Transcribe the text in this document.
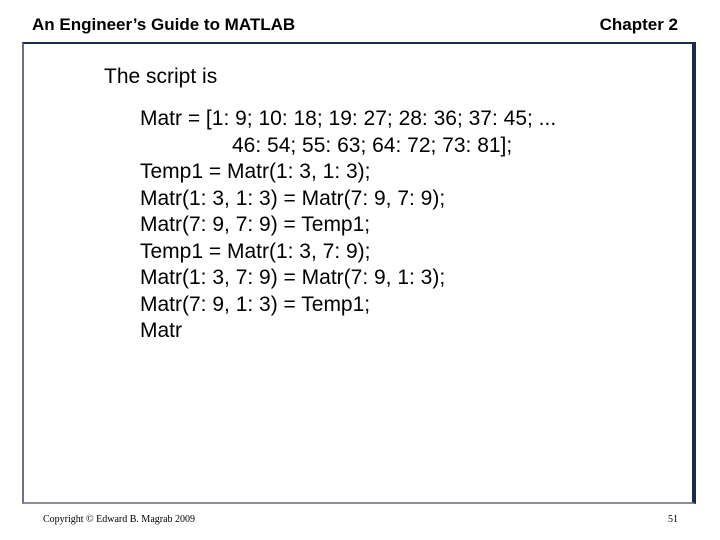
An Engineer’s Guide to MATLAB	Chapter 2
The script is
Matr = [1: 9; 10: 18; 19: 27; 28: 36; 37: 45; ...
46: 54; 55: 63; 64: 72; 73: 81];
Temp1 = Matr(1: 3, 1: 3);
Matr(1: 3, 1: 3) = Matr(7: 9, 7: 9);
Matr(7: 9, 7: 9) = Temp1;
Temp1 = Matr(1: 3, 7: 9);
Matr(1: 3, 7: 9) = Matr(7: 9, 1: 3);
Matr(7: 9, 1: 3) = Temp1;
Matr
Copyright © Edward B. Magrab 2009	51
